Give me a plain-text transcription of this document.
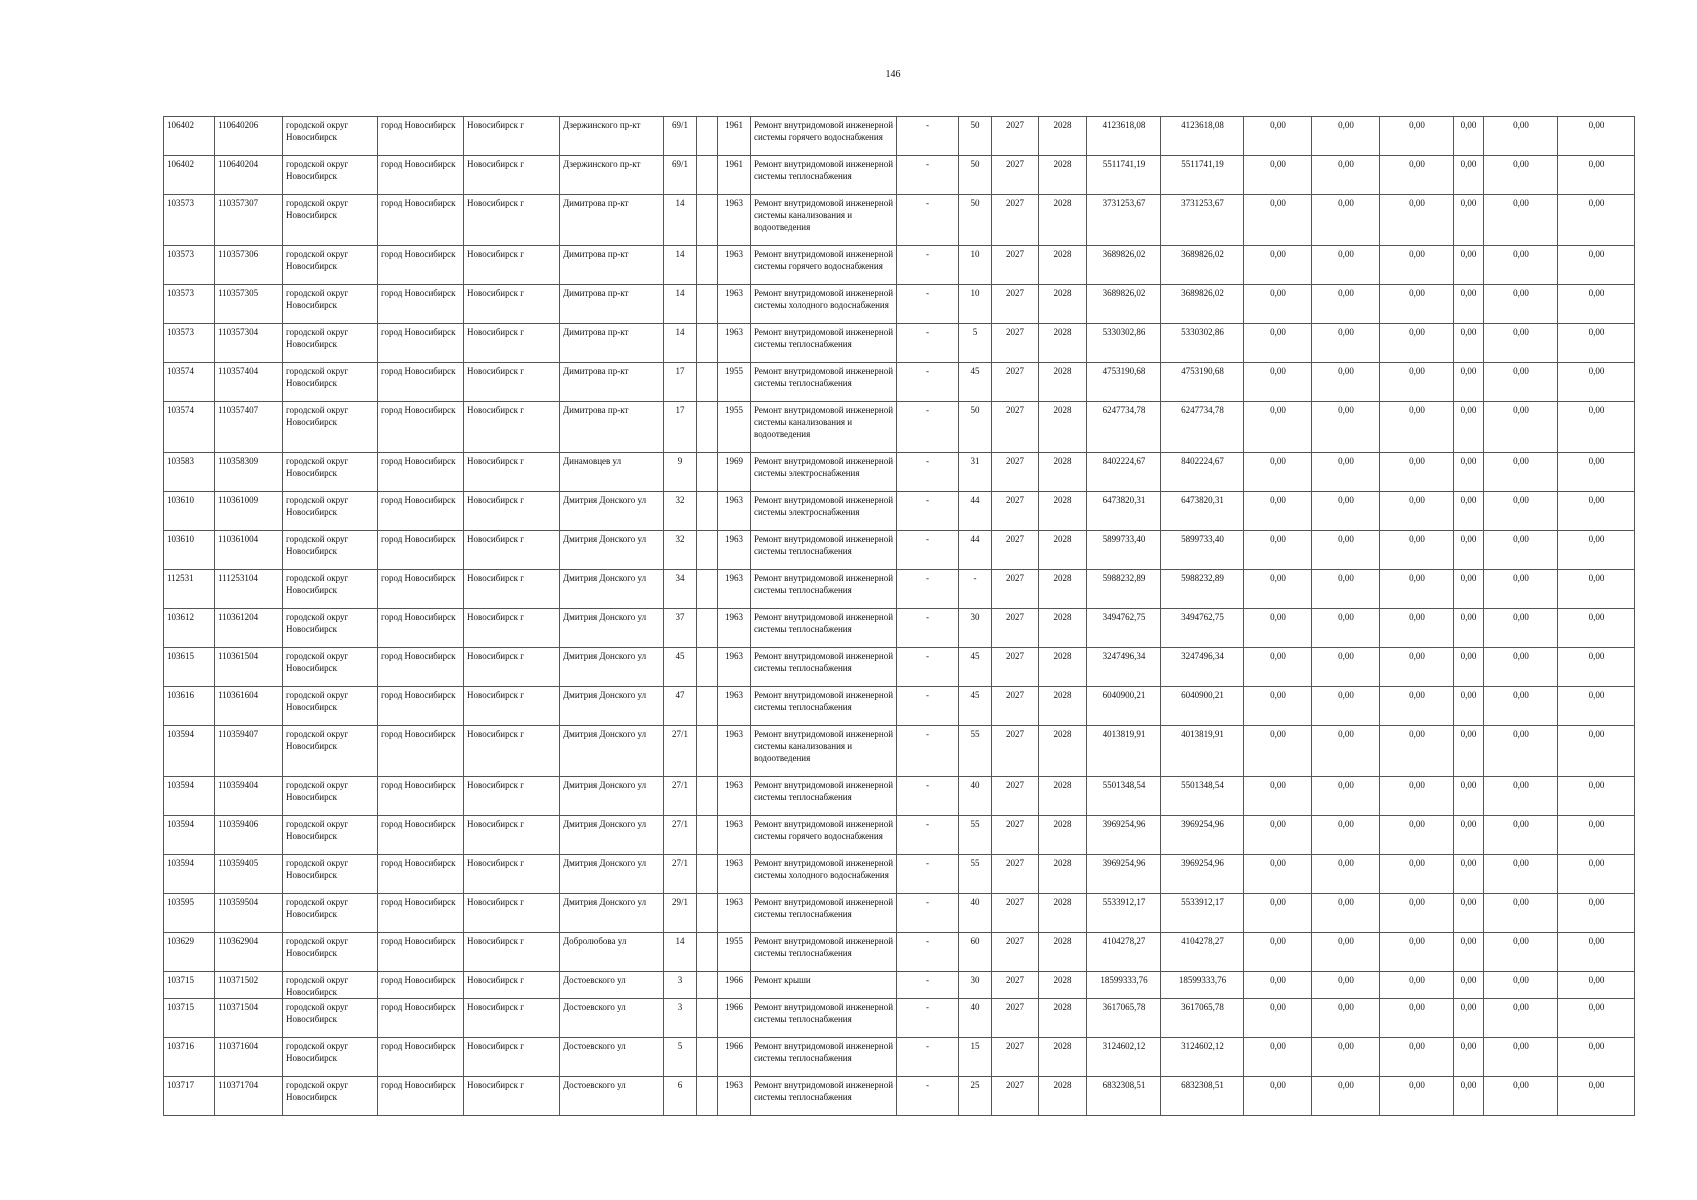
146
106402	110640206	городской округ Новосибирск	город Новосибирск	Новосибирск г	Дзержинского пр-кт	69/1		1961	Ремонт внутридомовой инженерной системы горячего водоснабжения	-	50	2027	2028	4123618,08	4123618,08	0,00	0,00	0,00	0,00	0,00	0,00
106402	110640204	городской округ Новосибирск	город Новосибирск	Новосибирск г	Дзержинского пр-кт	69/1		1961	Ремонт внутридомовой инженерной системы теплоснабжения	-	50	2027	2028	5511741,19	5511741,19	0,00	0,00	0,00	0,00	0,00	0,00
103573	110357307	городской округ Новосибирск	город Новосибирск	Новосибирск г	Димитрова пр-кт	14		1963	Ремонт внутридомовой инженерной системы канализования и водоотведения	-	50	2027	2028	3731253,67	3731253,67	0,00	0,00	0,00	0,00	0,00	0,00
103573	110357306	городской округ Новосибирск	город Новосибирск	Новосибирск г	Димитрова пр-кт	14		1963	Ремонт внутридомовой инженерной системы горячего водоснабжения	-	10	2027	2028	3689826,02	3689826,02	0,00	0,00	0,00	0,00	0,00	0,00
103573	110357305	городской округ Новосибирск	город Новосибирск	Новосибирск г	Димитрова пр-кт	14		1963	Ремонт внутридомовой инженерной системы холодного водоснабжения	-	10	2027	2028	3689826,02	3689826,02	0,00	0,00	0,00	0,00	0,00	0,00
103573	110357304	городской округ Новосибирск	город Новосибирск	Новосибирск г	Димитрова пр-кт	14		1963	Ремонт внутридомовой инженерной системы теплоснабжения	-	5	2027	2028	5330302,86	5330302,86	0,00	0,00	0,00	0,00	0,00	0,00
103574	110357404	городской округ Новосибирск	город Новосибирск	Новосибирск г	Димитрова пр-кт	17		1955	Ремонт внутридомовой инженерной системы теплоснабжения	-	45	2027	2028	4753190,68	4753190,68	0,00	0,00	0,00	0,00	0,00	0,00
103574	110357407	городской округ Новосибирск	город Новосибирск	Новосибирск г	Димитрова пр-кт	17		1955	Ремонт внутридомовой инженерной системы канализования и водоотведения	-	50	2027	2028	6247734,78	6247734,78	0,00	0,00	0,00	0,00	0,00	0,00
103583	110358309	городской округ Новосибирск	город Новосибирск	Новосибирск г	Динамовцев ул	9		1969	Ремонт внутридомовой инженерной системы электроснабжения	-	31	2027	2028	8402224,67	8402224,67	0,00	0,00	0,00	0,00	0,00	0,00
103610	110361009	городской округ Новосибирск	город Новосибирск	Новосибирск г	Дмитрия Донского ул	32		1963	Ремонт внутридомовой инженерной системы электроснабжения	-	44	2027	2028	6473820,31	6473820,31	0,00	0,00	0,00	0,00	0,00	0,00
103610	110361004	городской округ Новосибирск	город Новосибирск	Новосибирск г	Дмитрия Донского ул	32		1963	Ремонт внутридомовой инженерной системы теплоснабжения	-	44	2027	2028	5899733,40	5899733,40	0,00	0,00	0,00	0,00	0,00	0,00
112531	111253104	городской округ Новосибирск	город Новосибирск	Новосибирск г	Дмитрия Донского ул	34		1963	Ремонт внутридомовой инженерной системы теплоснабжения	-	-	2027	2028	5988232,89	5988232,89	0,00	0,00	0,00	0,00	0,00	0,00
103612	110361204	городской округ Новосибирск	город Новосибирск	Новосибирск г	Дмитрия Донского ул	37		1963	Ремонт внутридомовой инженерной системы теплоснабжения	-	30	2027	2028	3494762,75	3494762,75	0,00	0,00	0,00	0,00	0,00	0,00
103615	110361504	городской округ Новосибирск	город Новосибирск	Новосибирск г	Дмитрия Донского ул	45		1963	Ремонт внутридомовой инженерной системы теплоснабжения	-	45	2027	2028	3247496,34	3247496,34	0,00	0,00	0,00	0,00	0,00	0,00
103616	110361604	городской округ Новосибирск	город Новосибирск	Новосибирск г	Дмитрия Донского ул	47		1963	Ремонт внутридомовой инженерной системы теплоснабжения	-	45	2027	2028	6040900,21	6040900,21	0,00	0,00	0,00	0,00	0,00	0,00
103594	110359407	городской округ Новосибирск	город Новосибирск	Новосибирск г	Дмитрия Донского ул	27/1		1963	Ремонт внутридомовой инженерной системы канализования и водоотведения	-	55	2027	2028	4013819,91	4013819,91	0,00	0,00	0,00	0,00	0,00	0,00
103594	110359404	городской округ Новосибирск	город Новосибирск	Новосибирск г	Дмитрия Донского ул	27/1		1963	Ремонт внутридомовой инженерной системы теплоснабжения	-	40	2027	2028	5501348,54	5501348,54	0,00	0,00	0,00	0,00	0,00	0,00
103594	110359406	городской округ Новосибирск	город Новосибирск	Новосибирск г	Дмитрия Донского ул	27/1		1963	Ремонт внутридомовой инженерной системы горячего водоснабжения	-	55	2027	2028	3969254,96	3969254,96	0,00	0,00	0,00	0,00	0,00	0,00
103594	110359405	городской округ Новосибирск	город Новосибирск	Новосибирск г	Дмитрия Донского ул	27/1		1963	Ремонт внутридомовой инженерной системы холодного водоснабжения	-	55	2027	2028	3969254,96	3969254,96	0,00	0,00	0,00	0,00	0,00	0,00
103595	110359504	городской округ Новосибирск	город Новосибирск	Новосибирск г	Дмитрия Донского ул	29/1		1963	Ремонт внутридомовой инженерной системы теплоснабжения	-	40	2027	2028	5533912,17	5533912,17	0,00	0,00	0,00	0,00	0,00	0,00
103629	110362904	городской округ Новосибирск	город Новосибирск	Новосибирск г	Добролюбова ул	14		1955	Ремонт внутридомовой инженерной системы теплоснабжения	-	60	2027	2028	4104278,27	4104278,27	0,00	0,00	0,00	0,00	0,00	0,00
103715	110371502	городской округ Новосибирск	город Новосибирск	Новосибирск г	Достоевского ул	3		1966	Ремонт крыши	-	30	2027	2028	18599333,76	18599333,76	0,00	0,00	0,00	0,00	0,00	0,00
103715	110371504	городской округ Новосибирск	город Новосибирск	Новосибирск г	Достоевского ул	3		1966	Ремонт внутридомовой инженерной системы теплоснабжения	-	40	2027	2028	3617065,78	3617065,78	0,00	0,00	0,00	0,00	0,00	0,00
103716	110371604	городской округ Новосибирск	город Новосибирск	Новосибирск г	Достоевского ул	5		1966	Ремонт внутридомовой инженерной системы теплоснабжения	-	15	2027	2028	3124602,12	3124602,12	0,00	0,00	0,00	0,00	0,00	0,00
103717	110371704	городской округ Новосибирск	город Новосибирск	Новосибирск г	Достоевского ул	6		1963	Ремонт внутридомовой инженерной системы теплоснабжения	-	25	2027	2028	6832308,51	6832308,51	0,00	0,00	0,00	0,00	0,00	0,00
